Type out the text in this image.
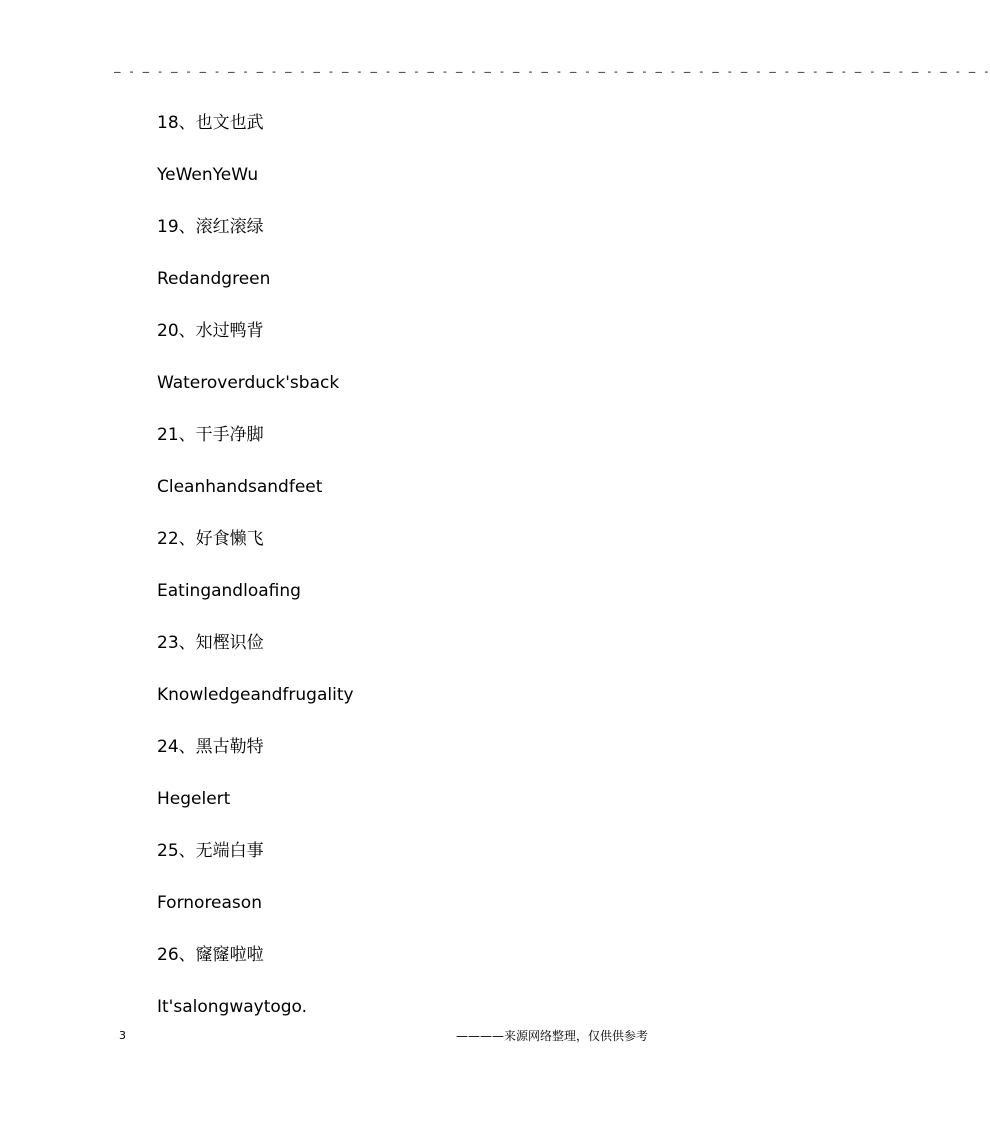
— - — - — - — - — - — - — - — - — - — - — - — - — - — - — - — - — - — - — - — - — - — - — - — - — - — - — - — - — - — - — -
18、也文也武
YeWenYeWu
19、滚红滚绿
Redandgreen
20、水过鸭背
Wateroverduck'sback
21、干手净脚
Cleanhandsandfeet
22、好食懒飞
Eatingandloafing
23、知樫识俭
Knowledgeandfrugality
24、黑古勒特
Hegelert
25、无端白事
Fornoreason
26、窿窿啦啦
It'salongwaytogo.
3	————来源网络整理，仅供供参考
